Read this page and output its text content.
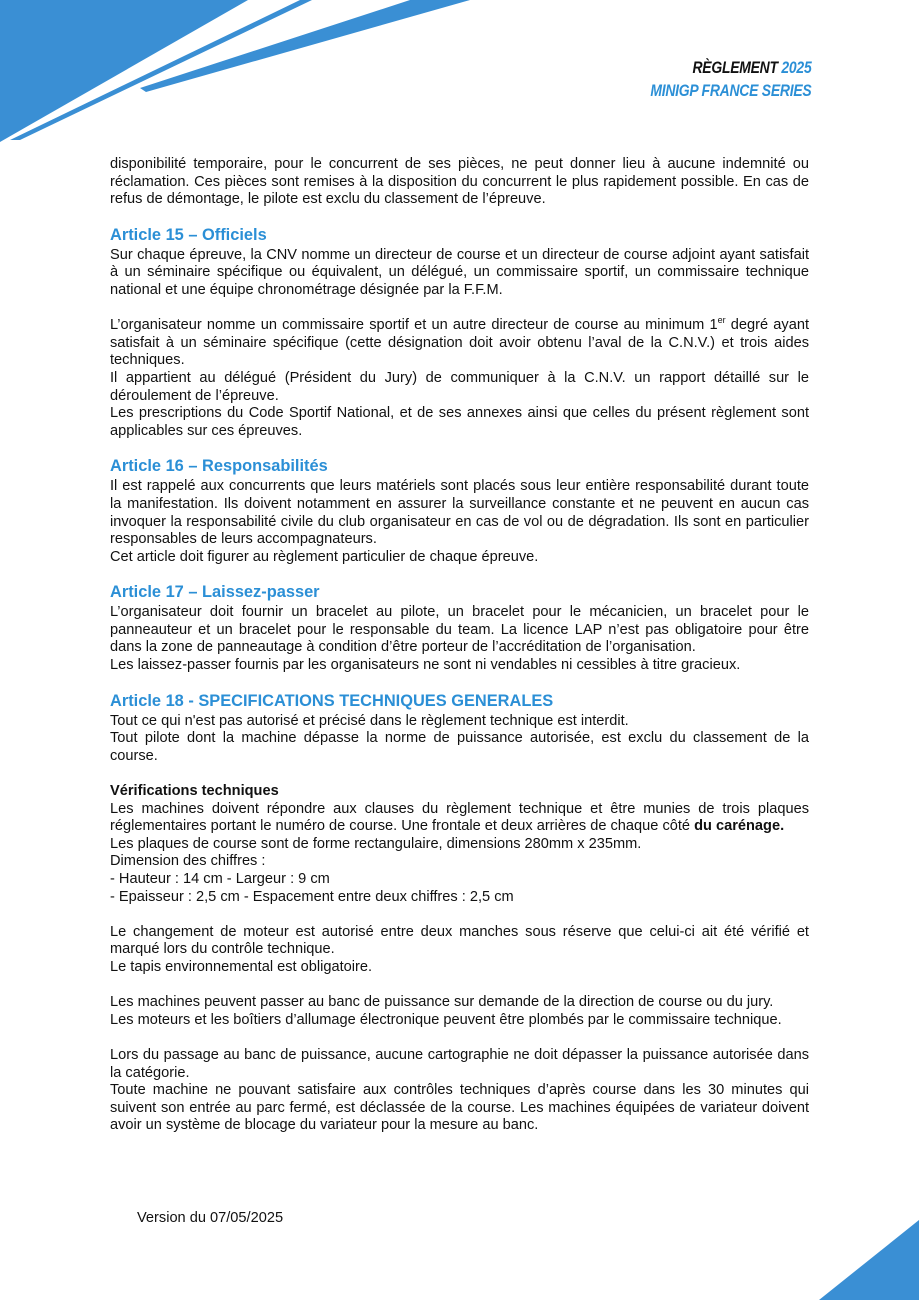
RÈGLEMENT 2025
MINIGP FRANCE SERIES

disponibilité temporaire, pour le concurrent de ses pièces, ne peut donner lieu à aucune indemnité ou réclamation. Ces pièces sont remises à la disposition du concurrent le plus rapidement possible. En cas de refus de démontage, le pilote est exclu du classement de l’épreuve.

Article 15 – Officiels

Sur chaque épreuve, la CNV nomme un directeur de course et un directeur de course adjoint ayant satisfait à un séminaire spécifique ou équivalent, un délégué, un commissaire sportif, un commissaire technique national et une équipe chronométrage désignée par la F.F.M.

L’organisateur nomme un commissaire sportif et un autre directeur de course au minimum 1er degré ayant satisfait à un séminaire spécifique (cette désignation doit avoir obtenu l’aval de la C.N.V.) et trois aides techniques.

Il appartient au délégué (Président du Jury) de communiquer à la C.N.V. un rapport détaillé sur le déroulement de l’épreuve.

Les prescriptions du Code Sportif National, et de ses annexes ainsi que celles du présent règlement sont applicables sur ces épreuves.

Article 16 – Responsabilités

Il est rappelé aux concurrents que leurs matériels sont placés sous leur entière responsabilité durant toute la manifestation. Ils doivent notamment en assurer la surveillance constante et ne peuvent en aucun cas invoquer la responsabilité civile du club organisateur en cas de vol ou de dégradation. Ils sont en particulier responsables de leurs accompagnateurs.

Cet article doit figurer au règlement particulier de chaque épreuve.

Article 17 – Laissez-passer

L’organisateur doit fournir un bracelet au pilote, un bracelet pour le mécanicien, un bracelet pour le panneauteur et un bracelet pour le responsable du team. La licence LAP n’est pas obligatoire pour être dans la zone de panneautage à condition d’être porteur de l’accréditation de l’organisation.

Les laissez-passer fournis par les organisateurs ne sont ni vendables ni cessibles à titre gracieux.

Article 18 - SPECIFICATIONS TECHNIQUES GENERALES

Tout ce qui n'est pas autorisé et précisé dans le règlement technique est interdit.

Tout pilote dont la machine dépasse la norme de puissance autorisée, est exclu du classement de la course.

Vérifications techniques

Les machines doivent répondre aux clauses du règlement technique et être munies de trois plaques réglementaires portant le numéro de course. Une frontale et deux arrières de chaque côté du carénage.

Les plaques de course sont de forme rectangulaire, dimensions 280mm x 235mm.

Dimension des chiffres :

- Hauteur : 14 cm - Largeur : 9 cm

- Epaisseur : 2,5 cm - Espacement entre deux chiffres : 2,5 cm

Le changement de moteur est autorisé entre deux manches sous réserve que celui-ci ait été vérifié et marqué lors du contrôle technique.

Le tapis environnemental est obligatoire.

Les machines peuvent passer au banc de puissance sur demande de la direction de course ou du jury.

Les moteurs et les boîtiers d’allumage électronique peuvent être plombés par le commissaire technique.

Lors du passage au banc de puissance, aucune cartographie ne doit dépasser la puissance autorisée dans la catégorie.

Toute machine ne pouvant satisfaire aux contrôles techniques d’après course dans les 30 minutes qui suivent son entrée au parc fermé, est déclassée de la course. Les machines équipées de variateur doivent avoir un système de blocage du variateur pour la mesure au banc.

Version du 07/05/2025
